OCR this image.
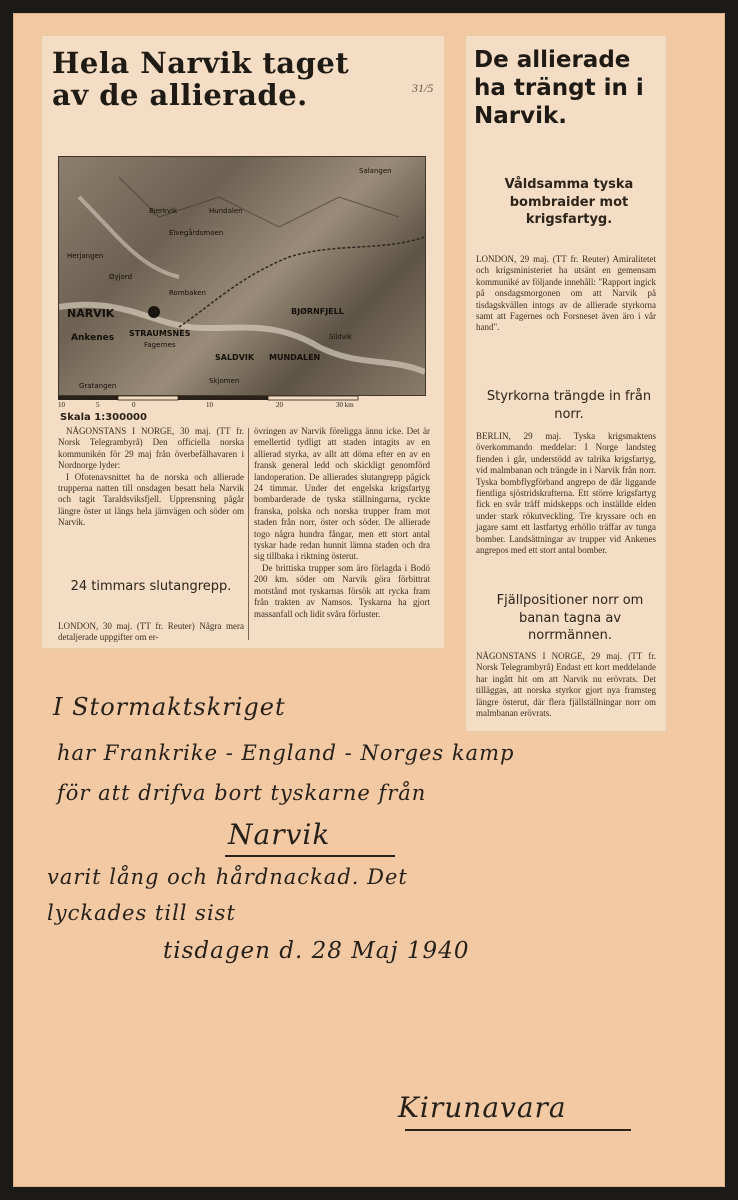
Hela Narvik taget av de allierade.	31/5
NARVIK
Ankenes STRAUMSNES
BJØRNFJELL
Fagernes
SALDVIK MUNDALEN
Skjomen
Rombaken
Hundalen
Sildvik
Herjangen
Bjerkvik
Elvegårdsmoen
Øyjord
Gratangen
Salangen
10	5	0	10	20	30 km
Skala 1:300000

NÅGONSTANS I NORGE, 30 maj. (TT fr. Norsk Telegrambyrå) Den officiella norska kommunikén för 29 maj från överbefälhavaren i Nordnorge lyder:

I Ofotenavsnittet ha de norska och allierade trupperna natten till onsdagen besatt hela Narvik och tagit Taraldsviksfjell. Upprensning pågår längre öster ut längs hela järnvägen och söder om Narvik.

24 timmars slutangrepp.
LONDON, 30 maj. (TT fr. Reuter) Några mera detaljerade uppgifter om er-

övringen av Narvik föreligga ännu icke. Det är emellertid tydligt att staden intagits av en allierad styrka, av allt att döma efter en av en fransk general ledd och skickligt genomförd landoperation. De allierades slutangrepp pågick 24 timmar. Under det engelska krigsfartyg bombarderade de tyska ställningarna, ryckte franska, polska och norska trupper fram mot staden från norr, öster och söder. De allierade togo några hundra fångar, men ett stort antal tyskar hade redan hunnit lämna staden och dra sig tillbaka i riktning österut.

De brittiska trupper som äro förlagda i Bodö 200 km. söder om Narvik göra förbittrat motstånd mot tyskarnas försök att rycka fram från trakten av Namsos. Tyskarna ha gjort massanfall och lidit svåra förluster.

De allierade ha trängt in i Narvik.
Våldsamma tyska bombraider mot krigsfartyg.
LONDON, 29 maj. (TT fr. Reuter) Amiralitetet och krigsministeriet ha utsänt en gemensam kommuniké av följande innehåll: "Rapport ingick på onsdagsmorgonen om att Narvik på tisdagskvällen intogs av de allierade styrkorna samt att Fagernes och Forsneset även äro i vår hand".
Styrkorna trängde in från norr.
BERLIN, 29 maj. Tyska krigsmaktens överkommando meddelar: I Norge landsteg fienden i går, understödd av talrika krigsfartyg, vid malmbanan och trängde in i Narvik från norr. Tyska bombflygförband angrepo de där liggande fientliga sjöstridskrafterna. Ett större krigsfartyg fick en svår träff midskepps och inställde elden under stark rökutveckling. Tre kryssare och en jagare samt ett lastfartyg erhöllo träffar av tunga bomber. Landsättningar av trupper vid Ankenes angrepos med ett stort antal bomber.
Fjällpositioner norr om banan tagna av norrmännen.
NÅGONSTANS I NORGE, 29 maj. (TT fr. Norsk Telegrambyrå) Endast ett kort meddelande har ingått hit om att Narvik nu erövrats. Det tilläggas, att norska styrkor gjort nya framsteg längre österut, där flera fjällställningar norr om malmbanan erövrats.
I Stormaktskriget
har Frankrike - England - Norges kamp
för att drifva bort tyskarne från
Narvik
varit lång och hårdnackad. Det
lyckades till sist
tisdagen d. 28 Maj 1940
Kirunavara
